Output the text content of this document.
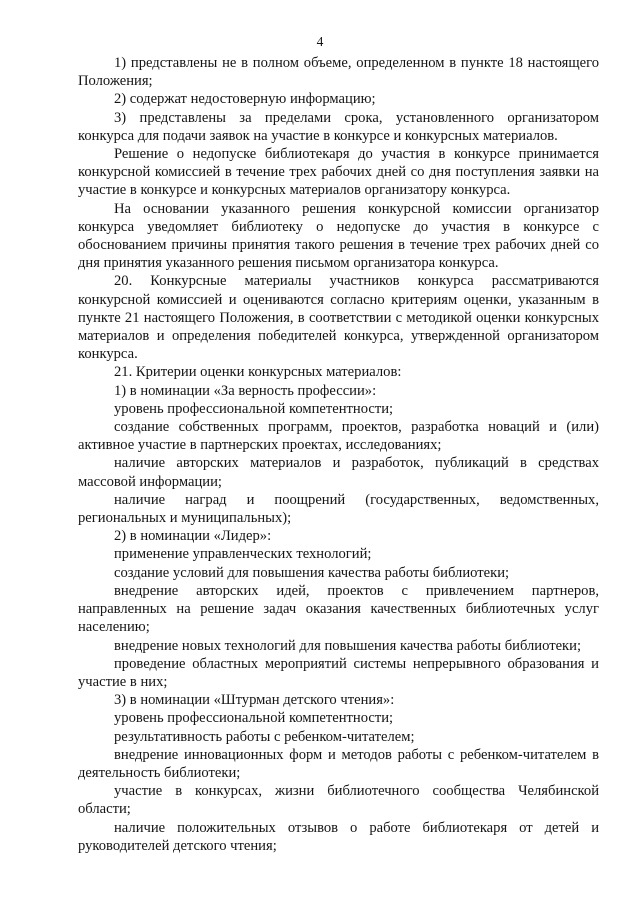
4

1) представлены не в полном объеме, определенном в пункте 18 настоящего Положения;

2) содержат недостоверную информацию;

3) представлены за пределами срока, установленного организатором конкурса для подачи заявок на участие в конкурсе и конкурсных материалов.

Решение о недопуске библиотекаря до участия в конкурсе принимается конкурсной комиссией в течение трех рабочих дней со дня поступления заявки на участие в конкурсе и конкурсных материалов организатору конкурса.

На основании указанного решения конкурсной комиссии организатор конкурса уведомляет библиотеку о недопуске до участия в конкурсе с обоснованием причины принятия такого решения в течение трех рабочих дней со дня принятия указанного решения письмом организатора конкурса.

20. Конкурсные материалы участников конкурса рассматриваются конкурсной комиссией и оцениваются согласно критериям оценки, указанным в пункте 21 настоящего Положения, в соответствии с методикой оценки конкурсных материалов и определения победителей конкурса, утвержденной организатором конкурса.

21. Критерии оценки конкурсных материалов:

1) в номинации «За верность профессии»:

уровень профессиональной компетентности;

создание собственных программ, проектов, разработка новаций и (или) активное участие в партнерских проектах, исследованиях;

наличие авторских материалов и разработок, публикаций в средствах массовой информации;

наличие наград и поощрений (государственных, ведомственных, региональных и муниципальных);

2) в номинации «Лидер»:

применение управленческих технологий;

создание условий для повышения качества работы библиотеки;

внедрение авторских идей, проектов с привлечением партнеров, направленных на решение задач оказания качественных библиотечных услуг населению;

внедрение новых технологий для повышения качества работы библиотеки;

проведение областных мероприятий системы непрерывного образования и участие в них;

3) в номинации «Штурман детского чтения»:

уровень профессиональной компетентности;

результативность работы с ребенком-читателем;

внедрение инновационных форм и методов работы с ребенком-читателем в деятельность библиотеки;

участие в конкурсах, жизни библиотечного сообщества Челябинской области;

наличие положительных отзывов о работе библиотекаря от детей и руководителей детского чтения;
